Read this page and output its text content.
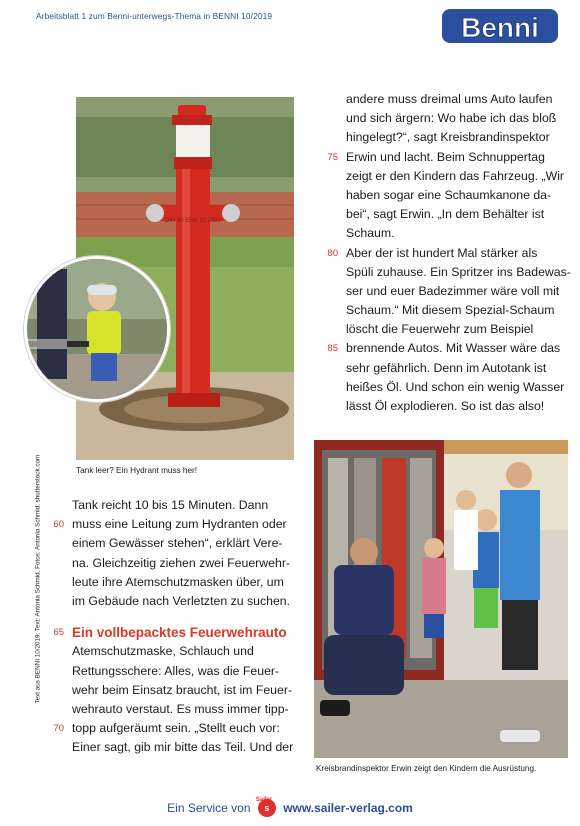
Arbeitsblatt 1 zum Benni-unterwegs-Thema in BENNI 10/2019	Benni
DIN 80 ENK 10 2020
Tank leer? Ein Hydrant muss her!
Kreisbrandinspektor Erwin zeigt den Kindern die Ausrüstung.
andere muss dreimal ums Auto laufen
und sich ärgern: Wo habe ich das bloß
hingelegt?“, sagt Kreisbrandinspektor
75 Erwin und lacht. Beim Schnuppertag
zeigt er den Kindern das Fahrzeug. „Wir
haben sogar eine Schaumkanone da-
bei“, sagt Erwin. „In dem Behälter ist
Schaum.
80 Aber der ist hundert Mal stärker als
Spüli zuhause. Ein Spritzer ins Badewas-
ser und euer Badezimmer wäre voll mit
Schaum.“ Mit diesem Spezial-Schaum
löscht die Feuerwehr zum Beispiel
85 brennende Autos. Mit Wasser wäre das
sehr gefährlich. Denn im Autotank ist
heißes Öl. Und schon ein wenig Wasser
lässt Öl explodieren. So ist das also!
Tank reicht 10 bis 15 Minuten. Dann
60 muss eine Leitung zum Hydranten oder
einem Gewässer stehen“, erklärt Vere-
na. Gleichzeitig ziehen zwei Feuerwehr-
leute ihre Atemschutzmasken über, um
im Gebäude nach Verletzten zu suchen.
65 Ein vollbepacktes Feuerwehrauto
Atemschutzmaske, Schlauch und
Rettungsschere: Alles, was die Feuer-
wehr beim Einsatz braucht, ist im Feuer-
wehrauto verstaut. Es muss immer tipp-
70 topp aufgeräumt sein. „Stellt euch vor:
Einer sagt, gib mir bitte das Teil. Und der
Text aus BENNI 10/2019; Text: Antonia Schmid, Fotos: Antonia Schmid, shutterstock.com
Ein Service von
Sailer
s www.sailer-verlag.com
